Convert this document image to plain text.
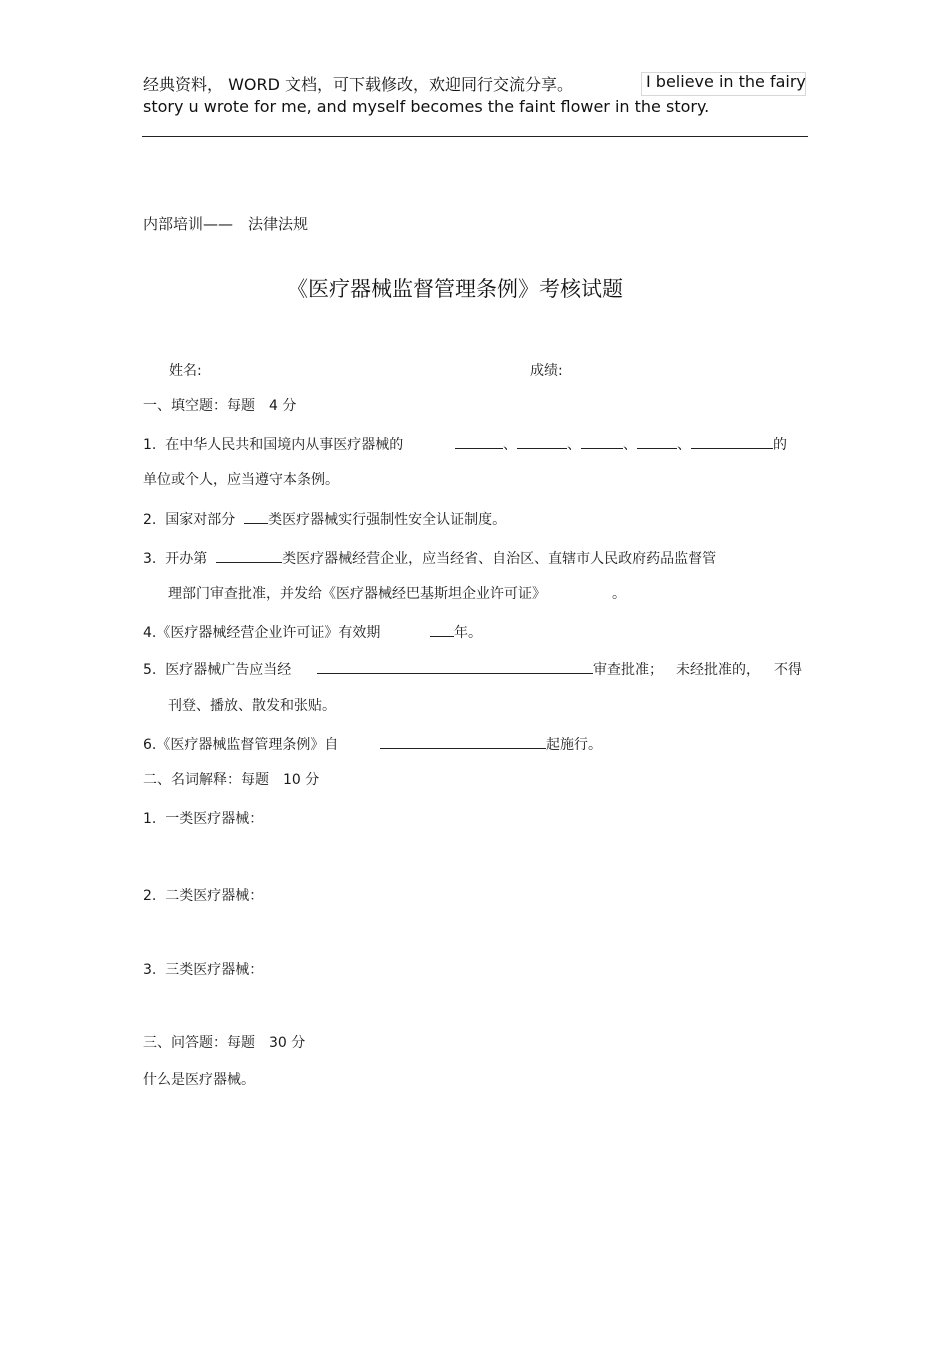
经典资料， WORD 文档，可下载修改，欢迎同行交流分享。	I believe in the fairy
story u wrote for me, and myself becomes the faint flower in the story.
内部培训——　法律法规
《医疗器械监督管理条例》考核试题
姓名:	成绩:
一、填空题：每题　4 分
1. 在中华人民共和国境内从事医疗器械的	、	、	、	、	的
单位或个人，应当遵守本条例。
2. 国家对部分 类医疗器械实行强制性安全认证制度。
3. 开办第	类医疗器械经营企业，应当经省、自治区、直辖市人民政府药品监督管
理部门审查批准，并发给《医疗器械经巴基斯坦企业许可证》	。
4.《医疗器械经营企业许可证》有效期	年。
5. 医疗器械广告应当经	审查批准； 未经批准的， 不得
刊登、播放、散发和张贴。
6.《医疗器械监督管理条例》自	起施行。
二、名词解释：每题　10 分
1. 一类医疗器械：
2. 二类医疗器械：
3. 三类医疗器械：
三、问答题：每题　30 分
什么是医疗器械。
